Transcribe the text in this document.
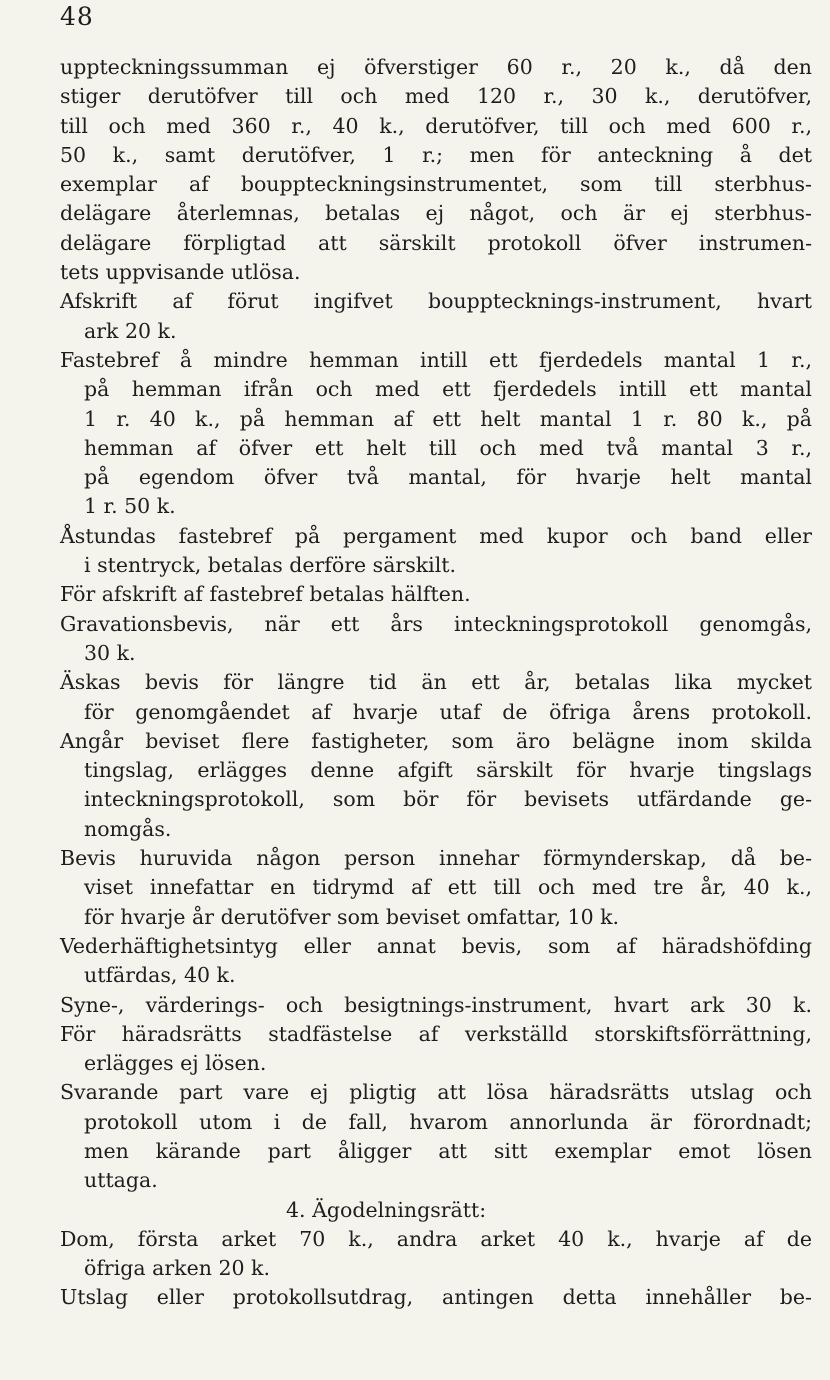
48
uppteckningssumman ej öfverstiger 60 r., 20 k., då den
stiger derutöfver till och med 120 r., 30 k., derutöfver,
till och med 360 r., 40 k., derutöfver, till och med 600 r.,
50 k., samt derutöfver, 1 r.; men för anteckning å det
exemplar af bouppteckningsinstrumentet, som till sterbhus-
delägare återlemnas, betalas ej något, och är ej sterbhus-
delägare förpligtad att särskilt protokoll öfver instrumen-
tets uppvisande utlösa.
Afskrift af förut ingifvet boupptecknings-instrument, hvart
ark 20 k.
Fastebref å mindre hemman intill ett fjerdedels mantal 1 r.,
på hemman ifrån och med ett fjerdedels intill ett mantal
1 r. 40 k., på hemman af ett helt mantal 1 r. 80 k., på
hemman af öfver ett helt till och med två mantal 3 r.,
på egendom öfver två mantal, för hvarje helt mantal
1 r. 50 k.
Åstundas fastebref på pergament med kupor och band eller
i stentryck, betalas derföre särskilt.
För afskrift af fastebref betalas hälften.
Gravationsbevis, när ett års inteckningsprotokoll genomgås,
30 k.
Äskas bevis för längre tid än ett år, betalas lika mycket
för genomgåendet af hvarje utaf de öfriga årens protokoll.
Angår beviset flere fastigheter, som äro belägne inom skilda
tingslag, erlägges denne afgift särskilt för hvarje tingslags
inteckningsprotokoll, som bör för bevisets utfärdande ge-
nomgås.
Bevis huruvida någon person innehar förmynderskap, då be-
viset innefattar en tidrymd af ett till och med tre år, 40 k.,
för hvarje år derutöfver som beviset omfattar, 10 k.
Vederhäftighetsintyg eller annat bevis, som af häradshöfding
utfärdas, 40 k.
Syne-, värderings- och besigtnings-instrument, hvart ark 30 k.
För häradsrätts stadfästelse af verkställd storskiftsförrättning,
erlägges ej lösen.
Svarande part vare ej pligtig att lösa häradsrätts utslag och
protokoll utom i de fall, hvarom annorlunda är förordnadt;
men kärande part åligger att sitt exemplar emot lösen
uttaga.
4. Ägodelningsrätt:
Dom, första arket 70 k., andra arket 40 k., hvarje af de
öfriga arken 20 k.
Utslag eller protokollsutdrag, antingen detta innehåller be-
